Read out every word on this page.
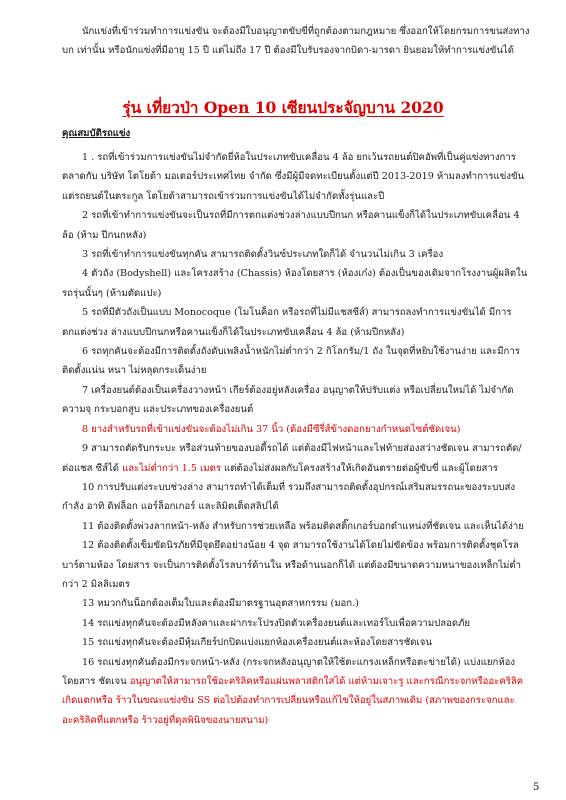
นักแข่งที่เข้าร่วมทำการแข่งขัน จะต้องมีใบอนุญาตขับขี่ที่ถูกต้องตามกฎหมาย ซึ่งออกให้โดยกรมการขนส่งทางบก เท่านั้น หรือนักแข่งที่มีอายุ 15 ปี แต่ไม่ถึง 17 ปี ต้องมีใบรับรองจากบิดา-มารดา ยินยอมให้ทำการแข่งขันได้

รุ่น เที่ยวป่า Open 10 เซียนประจัญบาน 2020
คุณสมบัติรถแข่ง

1 . รถที่เข้าร่วมการแข่งขันไม่จำกัดยี่ห้อในประเภทขับเคลื่อน 4 ล้อ ยกเว้นรถยนต์ปิคอัพที่เป็นคู่แข่งทางการตลาดกับ บริษัท โตโยต้า มอเตอร์ประเทศไทย จำกัด ซึ่งมีผู้มีจดทะเบียนตั้งแต่ปี 2013-2019 ห้ามลงทำการแข่งขัน แต่รถยนต์ในตระกูล โตโยต้าสามารถเข้าร่วมการแข่งขันได้ไม่จำกัดทั้งรุ่นและปี

2 รถที่เข้าทำการแข่งขันจะเป็นรถที่มีการตกแต่งช่วงล่างแบบปีกนก หรือคานแข็งก็ได้ในประเภทขับเคลื่อน 4 ล้อ (ห้าม ปีกนกหลัง)

3 รถที่เข้าทำการแข่งขันทุกคัน สามารถติดตั้งวินซ์ประเภทใดก็ได้ จำนวนไม่เกิน 3 เครื่อง

4 ตัวถัง (Bodyshell) และโครงสร้าง (Chassis) ห้องโดยสาร (ห้องเก๋ง) ต้องเป็นของเดิมจากโรงงานผู้ผลิตในรถรุ่นนั้นๆ (ห้ามตัดแปะ)

5 รถที่มีตัวถังเป็นแบบ Monocoque (โมโนค็อก หรือรถที่ไม่มีแชสซีส์) สามารถลงทำการแข่งขันได้ มีการตกแต่งช่วง ล่างแบบปีกนกหรือคานแข็งก็ได้ในประเภทขับเคลื่อน 4 ล้อ (ห้ามปีกหลัง)

6 รถทุกคันจะต้องมีการติดตั้งถังดับเพลิงน้ำหนักไม่ต่ำกว่า 2 กิโลกรัม/1 ถัง ในจุดที่หยิบใช้งานง่าย และมีการติดตั้งแน่น หนา ไม่หลุดกระเด็นง่าย

7 เครื่องยนต์ต้องเป็นเครื่องวางหน้า เกียร์ต้องอยู่หลังเครื่อง อนุญาตให้ปรับแต่ง หรือเปลี่ยนใหม่ได้ ไม่จำกัดความจุ กระบอกสูบ และประเภทของเครื่องยนต์

8 ยางสำหรับรถที่เข้าแข่งขันจะต้องไม่เกิน 37 นิ้ว (ต้องมีซีรี่ส์ข้างดอกยางกำหนดไซต์ชัดเจน)

9 สามารถตัดรับกระบะ หรือส่วนท้ายของบอดี้รถได้ แต่ต้องมีไฟหน้าและไฟท้ายส่องสว่างชัดเจน สามารถตัด/ต่อแชส ซีส์ได้ และไม่ต่ำกว่า 1.5 เมตร แต่ต้องไม่ส่งผลกับโครงสร้างให้เกิดอันตรายต่อผู้ขับขี่ และผู้โดยสาร

10 การปรับแต่งระบบช่วงล่าง สามารถทำได้เต็มที่ รวมถึงสามารถติดตั้งอุปกรณ์เสริมสมรรถนะของระบบส่งกำลัง อาทิ ดิฟล็อก แอร์ล็อกเกอร์ และลิมิตเต็ดสลิปได้

11 ต้องติดตั้งพ่วงลากหน้า-หลัง สำหรับการช่วยเหลือ พร้อมติดสติ๊กเกอร์บอกตำแหน่งที่ชัดเจน และเห็นได้ง่าย

12 ต้องติดตั้งเข็มขัดนิรภัยที่มีจุดยึดอย่างน้อย 4 จุด สามารถใช้งานได้โดยไม่ขัดข้อง พร้อมการติดตั้งชุดโรลบาร์ตามห้อง โดยสาร จะเป็นการติดตั้งโรลบาร์ด้านใน หรือด้านนอกก็ได้ แต่ต้องมีขนาดความหนาของเหล็กไม่ต่ำกว่า 2 มิลลิเมตร

13 หมวกกันน็อกต้องเต็มใบและต้องมีมาตรฐานอุตสาหกรรม (มอก.)

14 รถแข่งทุกคันจะต้องมีหลังคาและฝากระโปรงปิดตัวเครื่องยนต์และเทอร์โบเพื่อความปลอดภัย

15 รถแข่งทุกคันจะต้องมีหุ้มเกียร์ปกปิดแบ่งแยกห้องเครื่องยนต์และห้องโดยสารชัดเจน

16 รถแข่งทุกคันต้องมีกระจกหน้า-หลัง (กระจกหลังอนุญาตให้ใช้ตะแกรงเหล็กหรือตะข่ายได้) แบ่งแยกห้องโดยสาร ชัดเจน อนุญาตให้สามารถใช้อะคริลิคหรือแผ่นพลาสติกใสได้ แต่ห้ามเจาะรู และกรณีกระจกหรืออะคริลิคเกิดแตกหรือ ร้าวในขณะแข่งขัน SS ต่อไปต้องทำการเปลี่ยนหรือแก้ไขให้อยู่ในสภาพเดิม (สภาพของกระจกและอะคริลิคที่แตกหรือ ร้าวอยู่ที่ดุลพินิจของนายสนาม)

5
